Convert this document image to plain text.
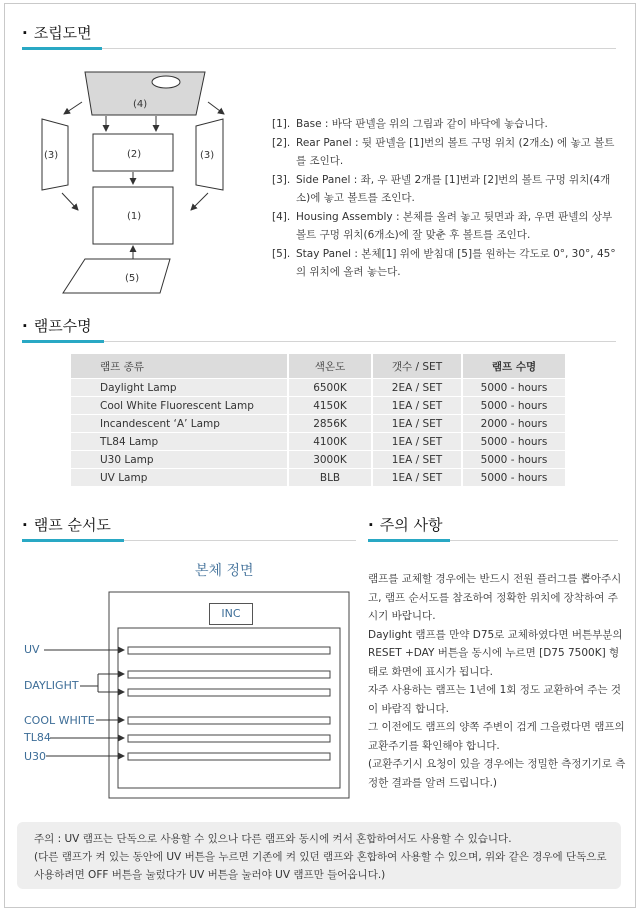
· 조립도면
(4)
(3)	(2)	(3)
(1)
(5)
[1]. Base : 바닥 판넬을 위의 그림과 같이 바닥에 놓습니다.
[2]. Rear Panel : 뒷 판넬을 [1]번의 볼트 구멍 위치 (2개소) 에 놓고 볼트를 조인다.
[3]. Side Panel : 좌, 우 판넬 2개를 [1]번과 [2]번의 볼트 구멍 위치(4개소)에 놓고 볼트를 조인다.
[4]. Housing Assembly : 본체를 올려 놓고 뒷면과 좌, 우면 판넬의 상부 볼트 구멍 위치(6개소)에 잘 맞춘 후 볼트를 조인다.
[5]. Stay Panel : 본체[1] 위에 받침대 [5]를 원하는 각도로 0°, 30°, 45°의 위치에 올려 놓는다.
· 램프수명
램프 종류	색온도	갯수 / SET	램프 수명
Daylight Lamp	6500K	2EA / SET	5000 - hours
Cool White Fluorescent Lamp	4150K	1EA / SET	5000 - hours
Incandescent ‘A’ Lamp	2856K	1EA / SET	2000 - hours
TL84 Lamp	4100K	1EA / SET	5000 - hours
U30 Lamp	3000K	1EA / SET	5000 - hours
UV Lamp	BLB	1EA / SET	5000 - hours
· 램프 순서도
본체 정면
INC
UV
DAYLIGHT
COOL WHITE
TL84
U30
· 주의 사항
램프를 교체할 경우에는 반드시 전원 플러그를 뽑아주시고, 램프 순서도를 참조하여 정확한 위치에 장착하여 주시기 바랍니다.
Daylight 램프를 만약 D75로 교체하였다면 버튼부분의 RESET +DAY 버튼을 동시에 누르면 [D75 7500K] 형태로 화면에 표시가 됩니다.
자주 사용하는 램프는 1년에 1회 정도 교환하여 주는 것이 바람직 합니다.
그 이전에도 램프의 양쪽 주변이 검게 그을렸다면 램프의 교환주기를 확인해야 합니다.
(교환주기시 요청이 있을 경우에는 정밀한 측정기기로 측정한 결과를 알려 드립니다.)

주의 : UV 램프는 단독으로 사용할 수 있으나 다른 램프와 동시에 켜서 혼합하여서도 사용할 수 있습니다.

(다른 램프가 켜 있는 동안에 UV 버튼을 누르면 기존에 켜 있던 램프와 혼합하여 사용할 수 있으며, 위와 같은 경우에 단독으로 사용하려면 OFF 버튼을 눌렀다가 UV 버튼을 눌러야 UV 램프만 들어옵니다.)
